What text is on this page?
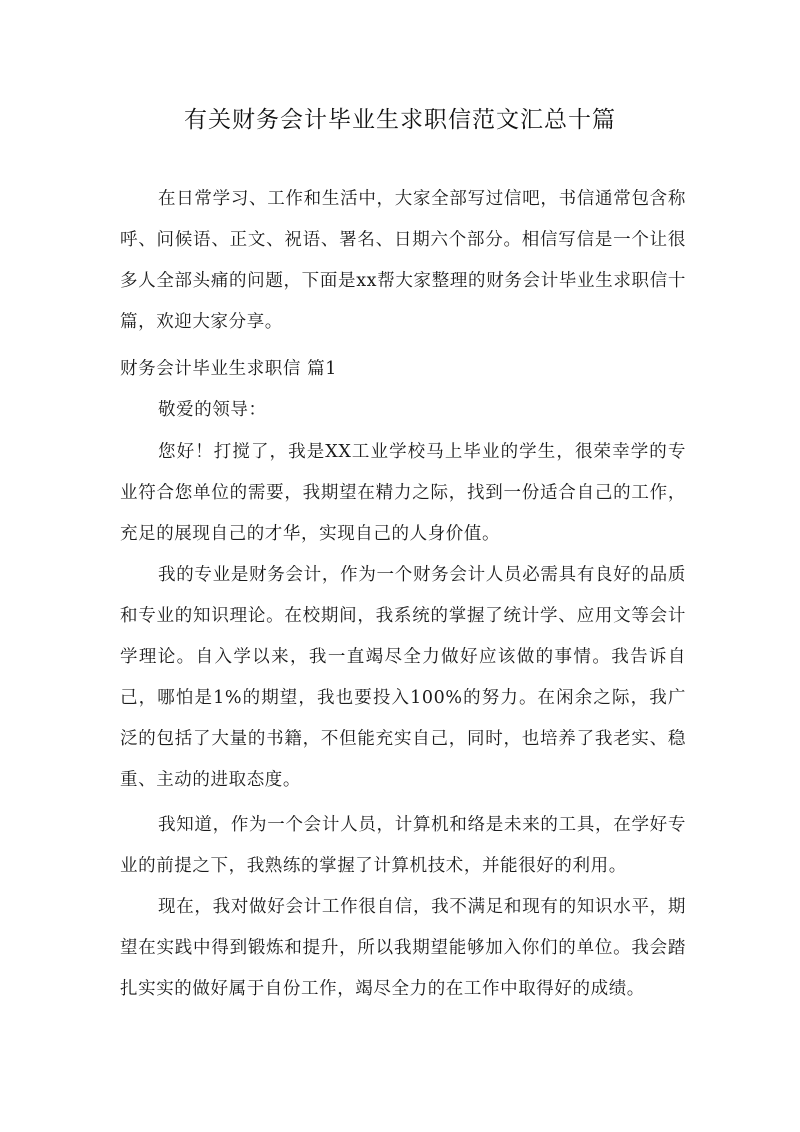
有关财务会计毕业生求职信范文汇总十篇

在日常学习、工作和生活中，大家全部写过信吧，书信通常包含称呼、问候语、正文、祝语、署名、日期六个部分。相信写信是一个让很多人全部头痛的问题，下面是xx帮大家整理的财务会计毕业生求职信十篇，欢迎大家分享。

财务会计毕业生求职信 篇1

敬爱的领导：

您好！打搅了，我是XX工业学校马上毕业的学生，很荣幸学的专业符合您单位的需要，我期望在精力之际，找到一份适合自己的工作，充足的展现自己的才华，实现自己的人身价值。

我的专业是财务会计，作为一个财务会计人员必需具有良好的品质和专业的知识理论。在校期间，我系统的掌握了统计学、应用文等会计学理论。自入学以来，我一直竭尽全力做好应该做的事情。我告诉自己，哪怕是1%的期望，我也要投入100%的努力。在闲余之际，我广泛的包括了大量的书籍，不但能充实自己，同时，也培养了我老实、稳重、主动的进取态度。

我知道，作为一个会计人员，计算机和络是未来的工具，在学好专业的前提之下，我熟练的掌握了计算机技术，并能很好的利用。

现在，我对做好会计工作很自信，我不满足和现有的知识水平，期望在实践中得到锻炼和提升，所以我期望能够加入你们的单位。我会踏扎实实的做好属于自份工作，竭尽全力的在工作中取得好的成绩。
